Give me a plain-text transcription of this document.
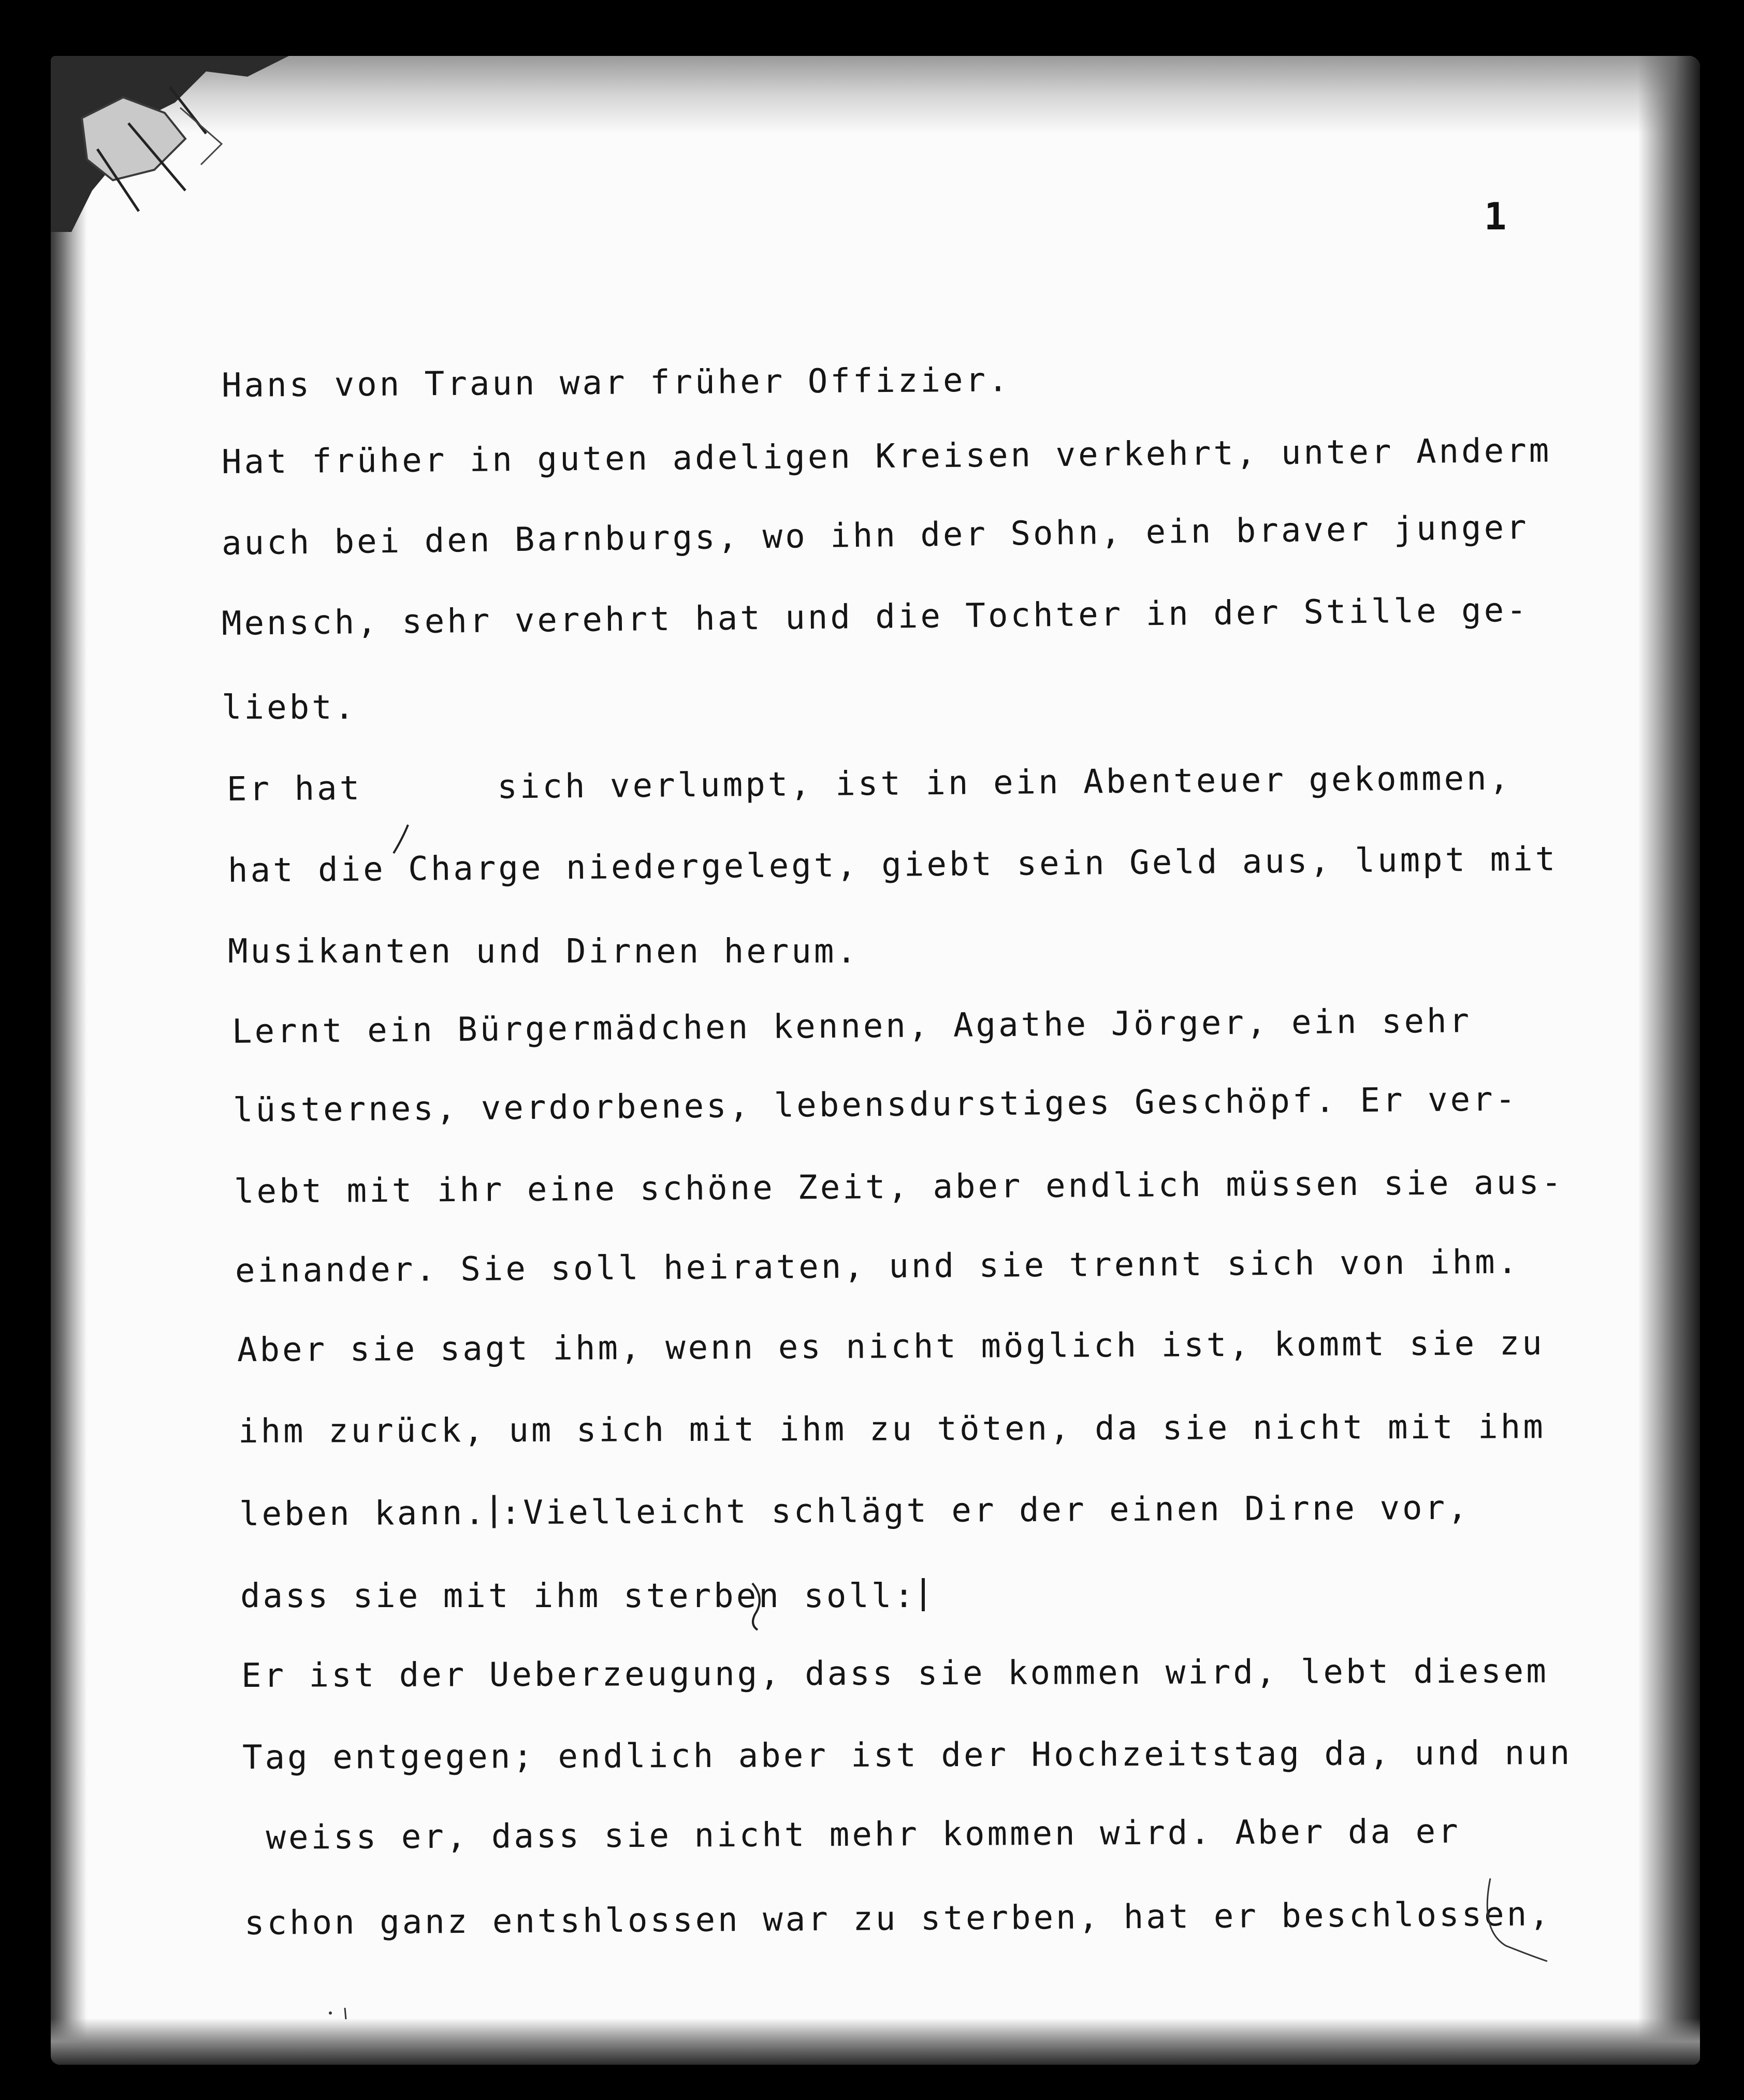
1
Hans von Traun war früher Offizier.
Hat früher in guten adeligen Kreisen verkehrt, unter Anderm
auch bei den Barnburgs, wo ihn der Sohn, ein braver junger
Mensch, sehr verehrt hat und die Tochter in der Stille ge-
liebt.
Er hat      sich verlumpt, ist in ein Abenteuer gekommen,
hat die Charge niedergelegt, giebt sein Geld aus, lumpt mit
Musikanten und Dirnen herum.
Lernt ein Bürgermädchen kennen, Agathe Jörger, ein sehr
lüsternes, verdorbenes, lebensdurstiges Geschöpf. Er ver-
lebt mit ihr eine schöne Zeit, aber endlich müssen sie aus-
einander. Sie soll heiraten, und sie trennt sich von ihm.
Aber sie sagt ihm, wenn es nicht möglich ist, kommt sie zu
ihm zurück, um sich mit ihm zu töten, da sie nicht mit ihm
leben kann. :Vielleicht schlägt er der einen Dirne vor,
dass sie mit ihm sterben soll:
Er ist der Ueberzeugung, dass sie kommen wird, lebt diesem
Tag entgegen; endlich aber ist der Hochzeitstag da, und nun
weiss er, dass sie nicht mehr kommen wird. Aber da er
schon ganz entshlossen war zu sterben, hat er beschlossen,
